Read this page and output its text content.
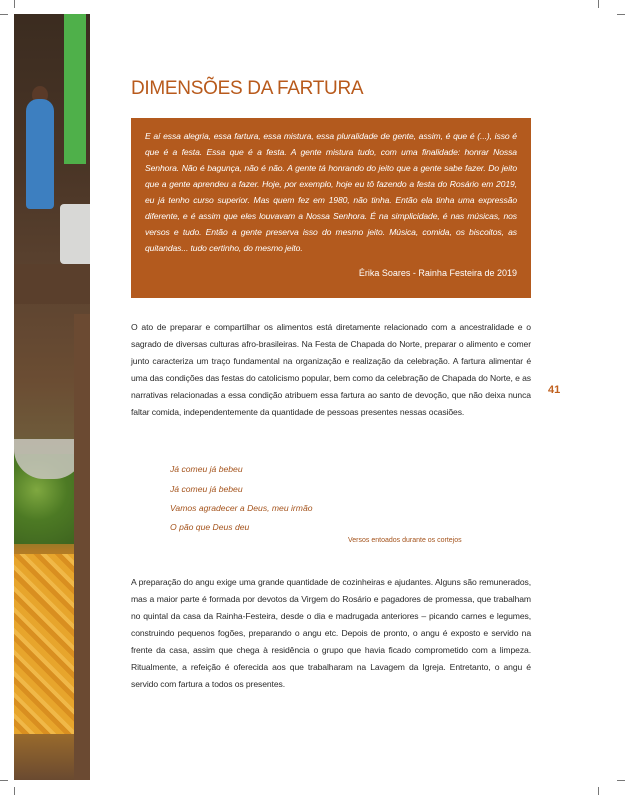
DIMENSÕES DA FARTURA

E aí essa alegria, essa fartura, essa mistura, essa pluralidade de gente, assim, é que é (...), isso é que é a festa. Essa que é a festa. A gente mistura tudo, com uma finalidade: honrar Nossa Senhora. Não é bagunça, não é não. A gente tá honrando do jeito que a gente sabe fazer. Do jeito que a gente aprendeu a fazer. Hoje, por exemplo, hoje eu tô fazendo a festa do Rosário em 2019, eu já tenho curso superior. Mas quem fez em 1980, não tinha. Então ela tinha uma expressão diferente, e é assim que eles louvavam a Nossa Senhora. É na simplicidade, é nas músicas, nos versos e tudo. Então a gente preserva isso do mesmo jeito. Música, comida, os biscoitos, as quitandas... tudo certinho, do mesmo jeito.

Érika Soares - Rainha Festeira de 2019

O ato de preparar e compartilhar os alimentos está diretamente relacionado com a ancestralidade e o sagrado de diversas culturas afro-brasileiras. Na Festa de Chapada do Norte, preparar o alimento e comer junto caracteriza um traço fundamental na organização e realização da celebração. A fartura alimentar é uma das condições das festas do catolicismo popular, bem como da celebração de Chapada do Norte, e as narrativas relacionadas a essa condição atribuem essa fartura ao santo de devoção, que não deixa nunca faltar comida, independentemente da quantidade de pessoas presentes nessas ocasiões.

41
Já comeu já bebeu
Já comeu já bebeu
Vamos agradecer a Deus, meu irmão
O pão que Deus deu
Versos entoados durante os cortejos

A preparação do angu exige uma grande quantidade de cozinheiras e ajudantes. Alguns são remunerados, mas a maior parte é formada por devotos da Virgem do Rosário e pagadores de promessa, que trabalham no quintal da casa da Rainha-Festeira, desde o dia e madrugada anteriores – picando carnes e legumes, construindo pequenos fogões, preparando o angu etc. Depois de pronto, o angu é exposto e servido na frente da casa, assim que chega à residência o grupo que havia ficado comprometido com a limpeza. Ritualmente, a refeição é oferecida aos que trabalharam na Lavagem da Igreja. Entretanto, o angu é servido com fartura a todos os presentes.
